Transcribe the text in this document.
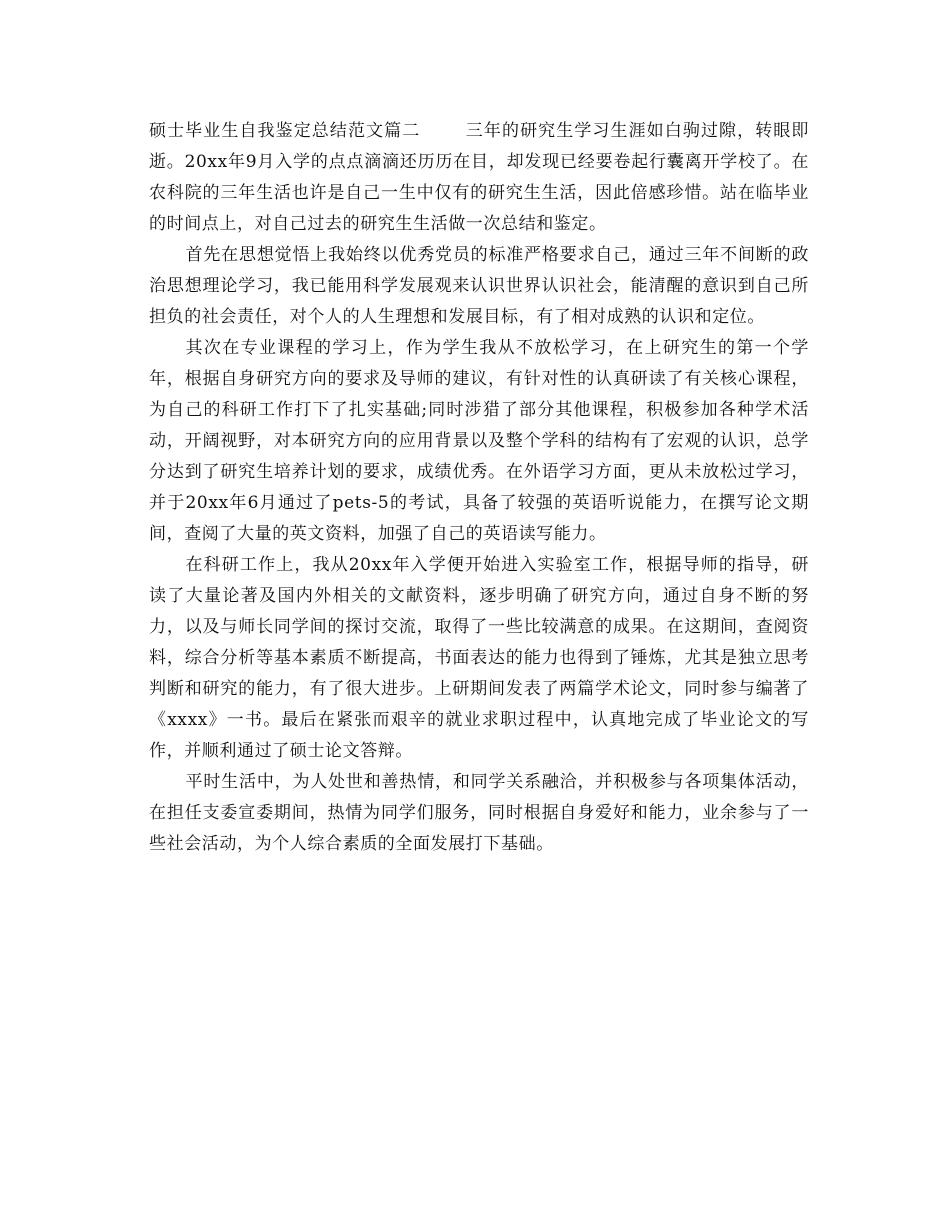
硕士毕业生自我鉴定总结范文篇二	三年的研究生学习生涯如白驹过隙，转眼即逝。20xx年9月入学的点点滴滴还历历在目，却发现已经要卷起行囊离开学校了。在农科院的三年生活也许是自己一生中仅有的研究生生活，因此倍感珍惜。站在临毕业的时间点上，对自己过去的研究生生活做一次总结和鉴定。

首先在思想觉悟上我始终以优秀党员的标准严格要求自己，通过三年不间断的政治思想理论学习，我已能用科学发展观来认识世界认识社会，能清醒的意识到自己所担负的社会责任，对个人的人生理想和发展目标，有了相对成熟的认识和定位。

其次在专业课程的学习上，作为学生我从不放松学习，在上研究生的第一个学年，根据自身研究方向的要求及导师的建议，有针对性的认真研读了有关核心课程，为自己的科研工作打下了扎实基础;同时涉猎了部分其他课程，积极参加各种学术活动，开阔视野，对本研究方向的应用背景以及整个学科的结构有了宏观的认识，总学分达到了研究生培养计划的要求，成绩优秀。在外语学习方面，更从未放松过学习，并于20xx年6月通过了pets-5的考试，具备了较强的英语听说能力，在撰写论文期间，查阅了大量的英文资料，加强了自己的英语读写能力。

在科研工作上，我从20xx年入学便开始进入实验室工作，根据导师的指导，研读了大量论著及国内外相关的文献资料，逐步明确了研究方向，通过自身不断的努力，以及与师长同学间的探讨交流，取得了一些比较满意的成果。在这期间，查阅资料，综合分析等基本素质不断提高，书面表达的能力也得到了锤炼，尤其是独立思考判断和研究的能力，有了很大进步。上研期间发表了两篇学术论文，同时参与编著了《xxxx》一书。最后在紧张而艰辛的就业求职过程中，认真地完成了毕业论文的写作，并顺利通过了硕士论文答辩。

平时生活中，为人处世和善热情，和同学关系融洽，并积极参与各项集体活动，在担任支委宣委期间，热情为同学们服务，同时根据自身爱好和能力，业余参与了一些社会活动，为个人综合素质的全面发展打下基础。
